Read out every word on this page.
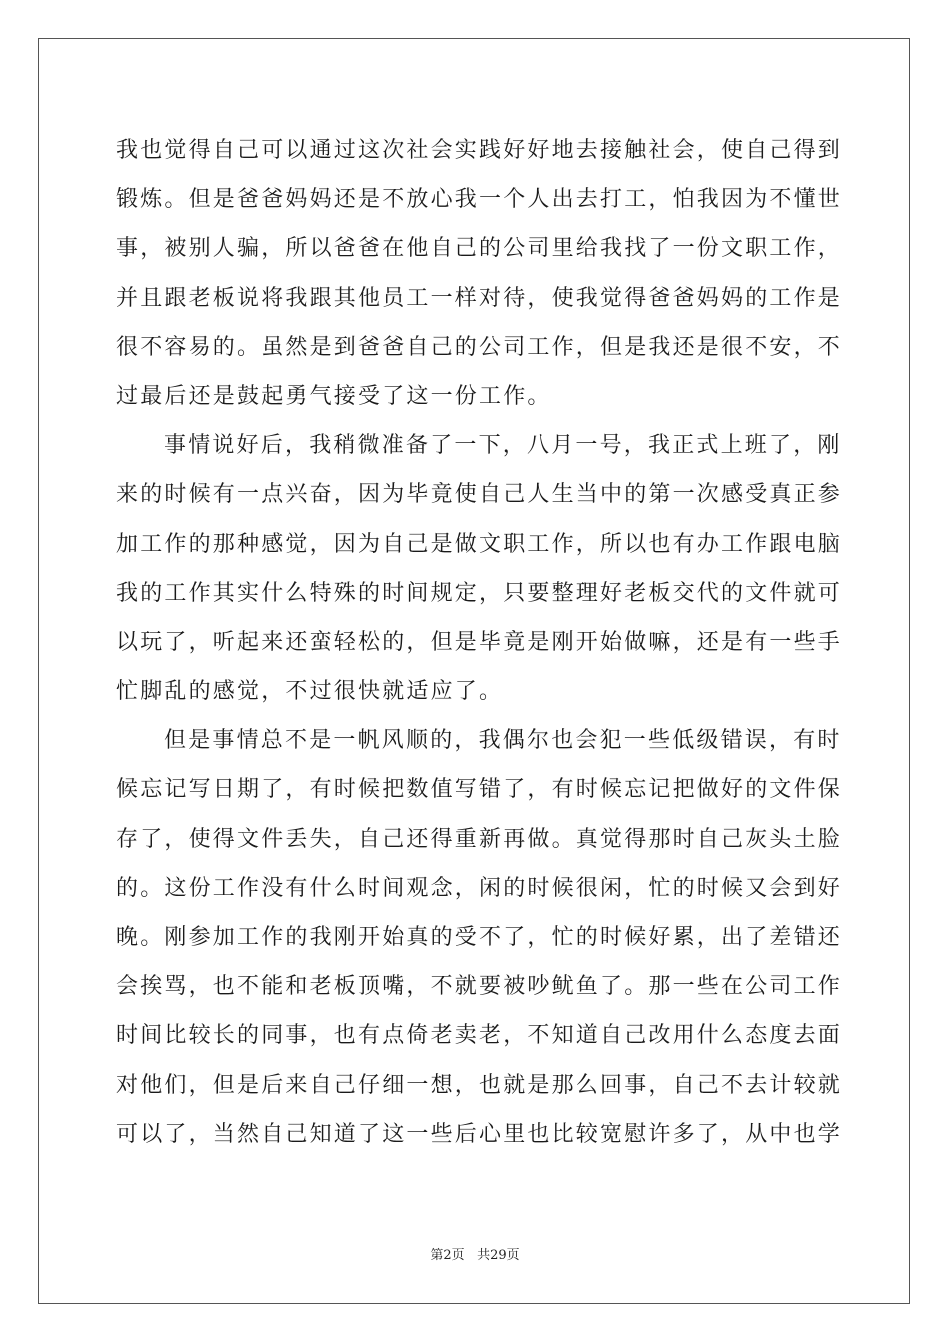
我也觉得自己可以通过这次社会实践好好地去接触社会，使自己得到
锻炼。但是爸爸妈妈还是不放心我一个人出去打工，怕我因为不懂世
事，被别人骗，所以爸爸在他自己的公司里给我找了一份文职工作，
并且跟老板说将我跟其他员工一样对待，使我觉得爸爸妈妈的工作是
很不容易的。虽然是到爸爸自己的公司工作，但是我还是很不安，不
过最后还是鼓起勇气接受了这一份工作。
事情说好后，我稍微准备了一下，八月一号，我正式上班了，刚
来的时候有一点兴奋，因为毕竟使自己人生当中的第一次感受真正参
加工作的那种感觉，因为自己是做文职工作，所以也有办工作跟电脑
我的工作其实什么特殊的时间规定，只要整理好老板交代的文件就可
以玩了，听起来还蛮轻松的，但是毕竟是刚开始做嘛，还是有一些手
忙脚乱的感觉，不过很快就适应了。
但是事情总不是一帆风顺的，我偶尔也会犯一些低级错误，有时
候忘记写日期了，有时候把数值写错了，有时候忘记把做好的文件保
存了，使得文件丢失，自己还得重新再做。真觉得那时自己灰头土脸
的。这份工作没有什么时间观念，闲的时候很闲，忙的时候又会到好
晚。刚参加工作的我刚开始真的受不了，忙的时候好累，出了差错还
会挨骂，也不能和老板顶嘴，不就要被吵鱿鱼了。那一些在公司工作
时间比较长的同事，也有点倚老卖老，不知道自己改用什么态度去面
对他们，但是后来自己仔细一想，也就是那么回事，自己不去计较就
可以了，当然自己知道了这一些后心里也比较宽慰许多了，从中也学
第2页 共29页
